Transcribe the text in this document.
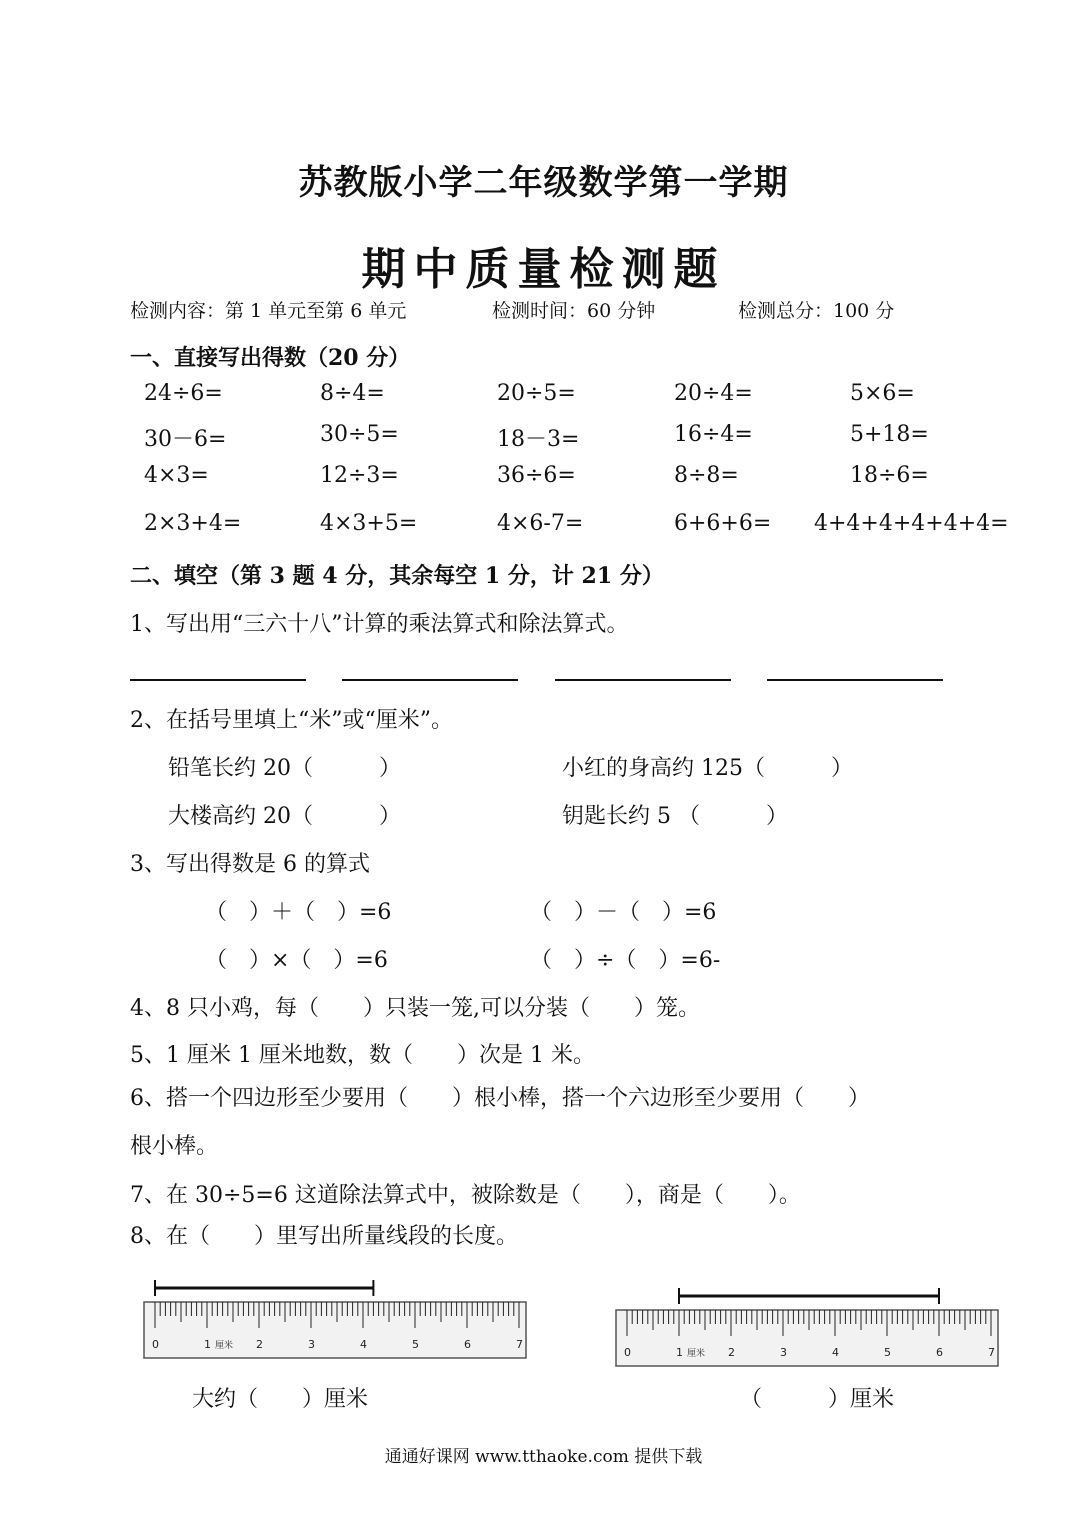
苏教版小学二年级数学第一学期
期中质量检测题
检测内容：第 1 单元至第 6 单元	检测时间：60 分钟	检测总分：100 分
一、直接写出得数（20 分）
24÷6=	8÷4=	20÷5=	20÷4=	5×6=
30－6=	30÷5=	18－3=	16÷4=	5+18=
4×3=	12÷3=	36÷6=	8÷8=	18÷6=
2×3+4=	4×3+5=	4×6-7=	6+6+6= 4+4+4+4+4+4=
二、填空（第 3 题 4 分，其余每空 1 分，计 21 分）
1、写出用“三六十八”计算的乘法算式和除法算式。
2、在括号里填上“米”或“厘米”。
铅笔长约 20（　　　）	小红的身高约 125（　　　）
大楼高约 20（　　　）	钥匙长约 5 （　　　）
3、写出得数是 6 的算式
（　）＋（　）=6	（　）－（　）=6
（　）×（　）=6	（　）÷（　）=6-
4、8 只小鸡，每（　　）只装一笼,可以分装（　　）笼。
5、1 厘米 1 厘米地数，数（　　）次是 1 米。
6、搭一个四边形至少要用（　　）根小棒，搭一个六边形至少要用（　　）
根小棒。
7、在 30÷5=6 这道除法算式中，被除数是（　　），商是（　　）。
8、在（　　）里写出所量线段的长度。
0	1	2	3	4	5	6	7
厘米	0	1	2	3	4	5	6	7
厘米
大约（　　）厘米	（　　　）厘米
通通好课网 www.tthaoke.com 提供下载
